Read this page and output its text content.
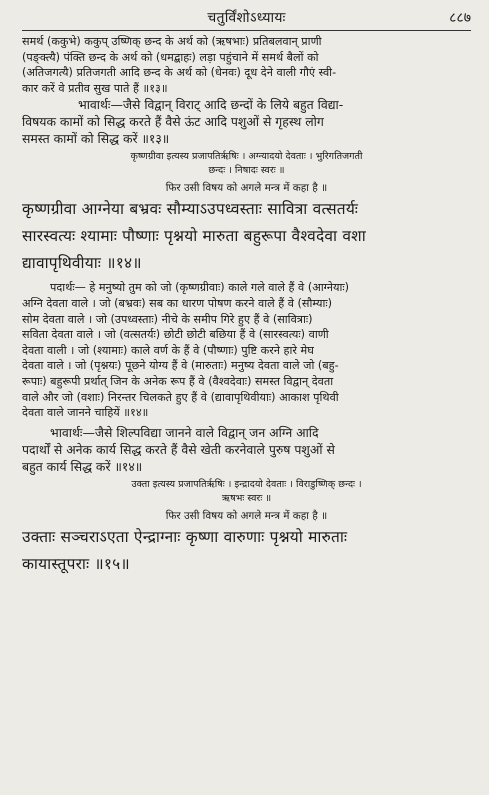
चतुर्विंशोऽध्यायः	८८७

समर्थ (ककुभे) ककुप् उष्णिक् छन्द के अर्थ को (ऋषभाः) प्रतिबलवान् प्राणी

(पङ्क्त्यै) पंक्ति छन्द के अर्थ को (धमद्बाहः) लड़ा पहुंचाने में समर्थ बैलों को

(अतिजगत्यै) प्रतिजगती आदि छन्द के अर्थ को (धेनवः) दूध देने वाली गौएं स्वी-

कार करें वे प्रतीव सुख पाते हैं ॥१३॥

भावार्थः—जैसे विद्वान् विराट् आदि छन्दों के लिये बहुत विद्या-

विषयक कामों को सिद्ध करते हैं वैसे ऊंट आदि पशुओं से गृहस्थ लोग

समस्त कामों को सिद्ध करें ॥१३॥

कृष्णग्रीवा इत्यस्य प्रजापतिर्ऋषिः । अग्न्यादयो देवताः । भुरिगतिजगती

छन्दः । निषादः स्वरः ॥

फिर उसी विषय को अगले मन्त्र में कहा है ॥

कृष्णग्रीवा आग्नेया बभ्रवः सौम्याऽउपध्वस्ताः सावित्रा वत्सतर्यः

सारस्वत्यः श्यामाः पौष्णाः पृश्नयो मारुता बहुरूपा वैश्वदेवा वशा

द्यावापृथिवीयाः ॥१४॥

पदार्थः— हे मनुष्यो तुम को जो (कृष्णग्रीवाः) काले गले वाले हैं वे (आग्नेयाः)

अग्नि देवता वाले । जो (बभ्रवः) सब का धारण पोषण करने वाले हैं वे (सौम्याः)

सोम देवता वाले । जो (उपध्वस्ताः) नीचे के समीप गिरे हुए हैं वे (सावित्राः)

सविता देवता वाले । जो (वत्सतर्यः) छोटी छोटी बछिया हैं वे (सारस्वत्यः) वाणी

देवता वाली । जो (श्यामाः) काले वर्ण के हैं वे (पौष्णाः) पुष्टि करने हारे मेघ

देवता वाले । जो (पृश्नयः) पूछने योग्य हैं वे (मारुताः) मनुष्य देवता वाले जो (बहु-

रूपाः) बहुरूपी प्रर्थात् जिन के अनेक रूप हैं वे (वैश्वदेवाः) समस्त विद्वान् देवता

वाले और जो (वशाः) निरन्तर चिलकते हुए हैं वे (द्यावापृथिवीयाः) आकाश पृथिवी

देवता वाले जानने चाहियें ॥१४॥

भावार्थः—जैसे शिल्पविद्या जानने वाले विद्वान् जन अग्नि आदि

पदार्थों से अनेक कार्य सिद्ध करते हैं वैसे खेती करनेवाले पुरुष पशुओं से

बहुत कार्य सिद्ध करें ॥१४॥

उक्ता इत्यस्य प्रजापतिर्ऋषिः । इन्द्रादयो देवताः । विराडुष्णिक् छन्दः ।

ऋषभः स्वरः ॥

फिर उसी विषय को अगले मन्त्र में कहा है ॥

उक्ताः सञ्चराऽएता ऐन्द्राग्नाः कृष्णा वारुणाः पृश्नयो मारुताः

कायास्तूपराः ॥१५॥
